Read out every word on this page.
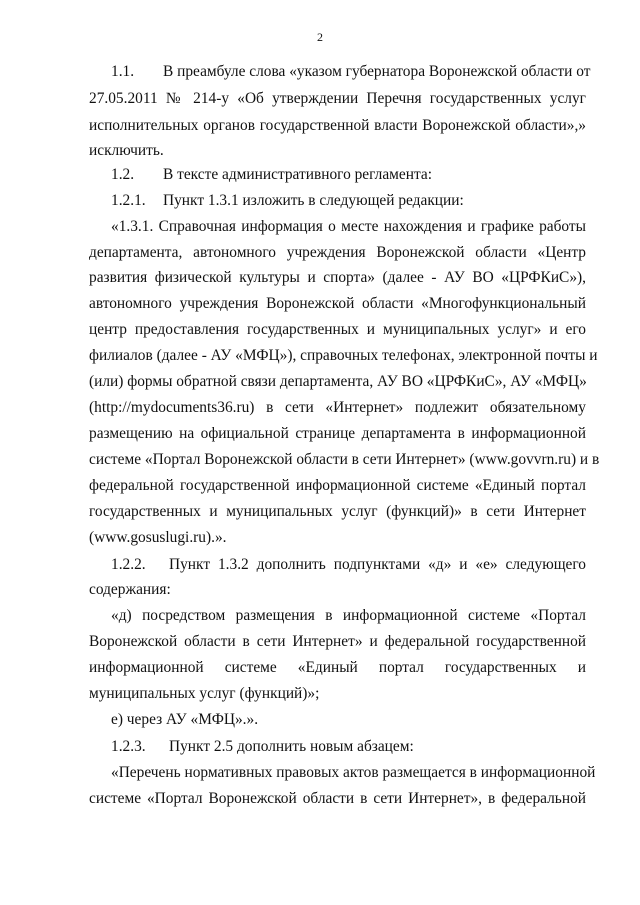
2
1.1. В преамбуле слова «указом губернатора Воронежской области от
27.05.2011 № 214-у «Об утверждении Перечня государственных услуг
исполнительных органов государственной власти Воронежской области»,»
исключить.
1.2. В тексте административного регламента:
1.2.1. Пункт 1.3.1 изложить в следующей редакции:
«1.3.1. Справочная информация о месте нахождения и графике работы
департамента, автономного учреждения Воронежской области «Центр
развития физической культуры и спорта» (далее - АУ ВО «ЦРФКиС»),
автономного учреждения Воронежской области «Многофункциональный
центр предоставления государственных и муниципальных услуг» и его
филиалов (далее - АУ «МФЦ»), справочных телефонах, электронной почты и
(или) формы обратной связи департамента, АУ ВО «ЦРФКиС», АУ «МФЦ»
(http://mydocuments36.ru) в сети «Интернет» подлежит обязательному
размещению на официальной странице департамента в информационной
системе «Портал Воронежской области в сети Интернет» (www.govvrn.ru) и в
федеральной государственной информационной системе «Единый портал
государственных и муниципальных услуг (функций)» в сети Интернет
(www.gosuslugi.ru).».
1.2.2. Пункт 1.3.2 дополнить подпунктами «д» и «е» следующего
содержания:
«д) посредством размещения в информационной системе «Портал
Воронежской области в сети Интернет» и федеральной государственной
информационной системе «Единый портал государственных и
муниципальных услуг (функций)»;
е) через АУ «МФЦ».».
1.2.3. Пункт 2.5 дополнить новым абзацем:
«Перечень нормативных правовых актов размещается в информационной
системе «Портал Воронежской области в сети Интернет», в федеральной
